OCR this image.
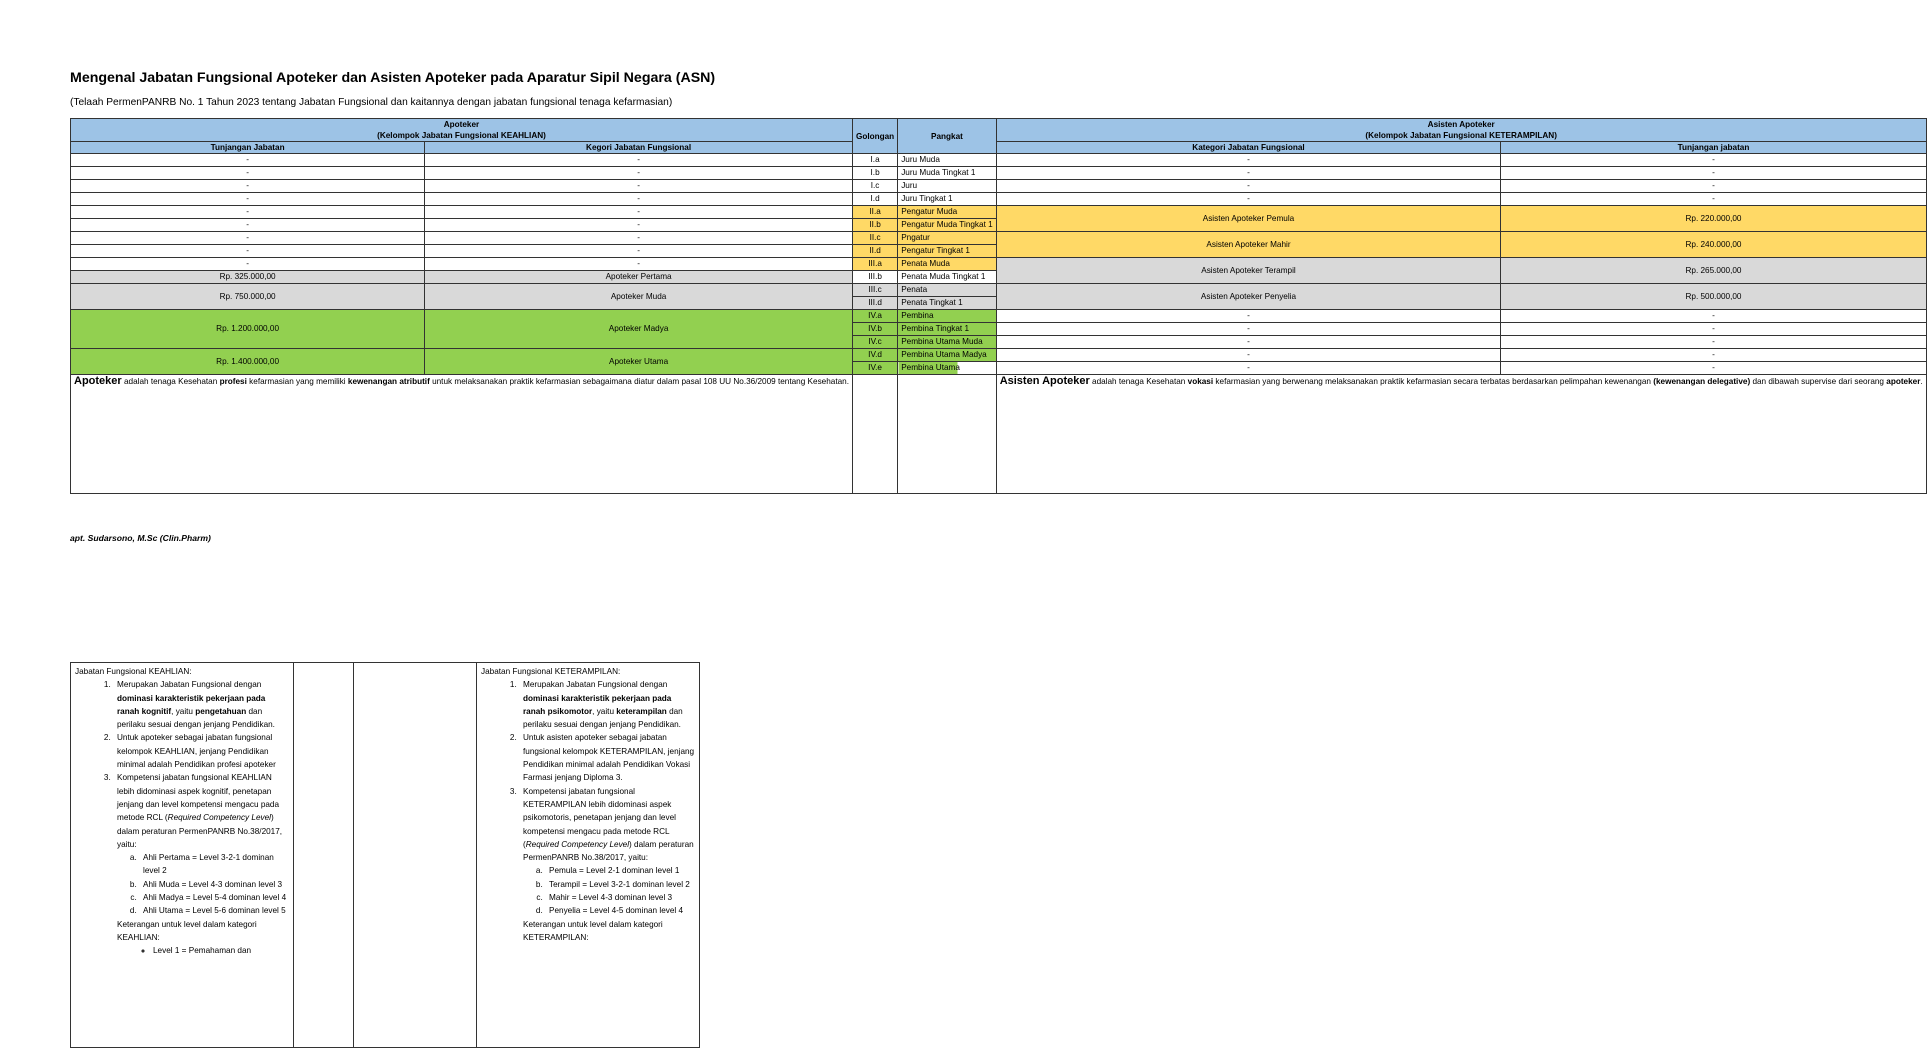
Mengenal Jabatan Fungsional Apoteker dan Asisten Apoteker pada Aparatur Sipil Negara (ASN)
(Telaah PermenPANRB No. 1 Tahun 2023 tentang Jabatan Fungsional dan kaitannya dengan jabatan fungsional tenaga kefarmasian)
Apoteker
(Kelompok Jabatan Fungsional KEAHLIAN)		Golongan	Pangkat	Asisten Apoteker
(Kelompok Jabatan Fungsional KETERAMPILAN)	
Tunjangan Jabatan	Kegori Jabatan Fungsional			Kategori Jabatan Fungsional	Tunjangan jabatan
-	-	I.a	Juru Muda	-	-
-	-	I.b	Juru Muda Tingkat 1	-	-
-	-	I.c	Juru	-	-
-	-	I.d	Juru Tingkat 1	-	-
-	-	II.a	Pengatur Muda	Asisten Apoteker Pemula	Rp. 220.000,00
-	-	II.b	Pengatur Muda Tingkat 1		
-	-	II.c	Pngatur	Asisten Apoteker Mahir	Rp. 240.000,00
-	-	II.d	Pengatur Tingkat 1		
-	-	III.a	Penata Muda	Asisten Apoteker Terampil	Rp. 265.000,00
Rp. 325.000,00	Apoteker Pertama	III.b	Penata Muda Tingkat 1		
Rp. 750.000,00	Apoteker Muda	III.c	Penata	Asisten Apoteker Penyelia	Rp. 500.000,00
		III.d	Penata Tingkat 1		
Rp. 1.200.000,00	Apoteker Madya	IV.a	Pembina	-	-
		IV.b	Pembina Tingkat 1	-	-
		IV.c	Pembina Utama Muda	-	-
Rp. 1.400.000,00	Apoteker Utama	IV.d	Pembina Utama Madya	-	-
		IV.e	Pembina Utama	-	-
Apoteker adalah tenaga Kesehatan profesi kefarmasian yang memiliki kewenangan atributif untuk melaksanakan praktik kefarmasian sebagaimana diatur dalam pasal 108 UU No.36/2009 tentang Kesehatan.				Asisten Apoteker adalah tenaga Kesehatan vokasi kefarmasian yang berwenang melaksanakan praktik kefarmasian secara terbatas berdasarkan pelimpahan kewenangan (kewenangan delegative) dan dibawah supervise dari seorang apoteker.	
apt. Sudarsono, M.Sc (Clin.Pharm)
Jabatan Fungsional KEAHLIAN:
1. Merupakan Jabatan Fungsional dengan dominasi karakteristik pekerjaan pada ranah kognitif, yaitu pengetahuan dan perilaku sesuai dengan jenjang Pendidikan.
2. Untuk apoteker sebagai jabatan fungsional kelompok KEAHLIAN, jenjang Pendidikan minimal adalah Pendidikan profesi apoteker
3. Kompetensi jabatan fungsional KEAHLIAN lebih didominasi aspek kognitif, penetapan jenjang dan level kompetensi mengacu pada metode RCL (Required Competency Level) dalam peraturan PermenPANRB No.38/2017, yaitu:
a. Ahli Pertama = Level 3-2-1 dominan level 2
b. Ahli Muda = Level 4-3 dominan level 3
c. Ahli Madya = Level 5-4 dominan level 4
d. Ahli Utama = Level 5-6 dominan level 5
Keterangan untuk level dalam kategori KEAHLIAN:
◦ Level 1 = Pemahaman dan

Jabatan Fungsional KETERAMPILAN:
1. Merupakan Jabatan Fungsional dengan dominasi karakteristik pekerjaan pada ranah psikomotor, yaitu keterampilan dan perilaku sesuai dengan jenjang Pendidikan.
2. Untuk asisten apoteker sebagai jabatan fungsional kelompok KETERAMPILAN, jenjang Pendidikan minimal adalah Pendidikan Vokasi Farmasi jenjang Diploma 3.
3. Kompetensi jabatan fungsional KETERAMPILAN lebih didominasi aspek psikomotoris, penetapan jenjang dan level kompetensi mengacu pada metode RCL (Required Competency Level) dalam peraturan PermenPANRB No.38/2017, yaitu:
a. Pemula = Level 2-1 dominan level 1
b. Terampil = Level 3-2-1 dominan level 2
c. Mahir = Level 4-3 dominan level 3
d. Penyelia = Level 4-5 dominan level 4
Keterangan untuk level dalam kategori KETERAMPILAN:
